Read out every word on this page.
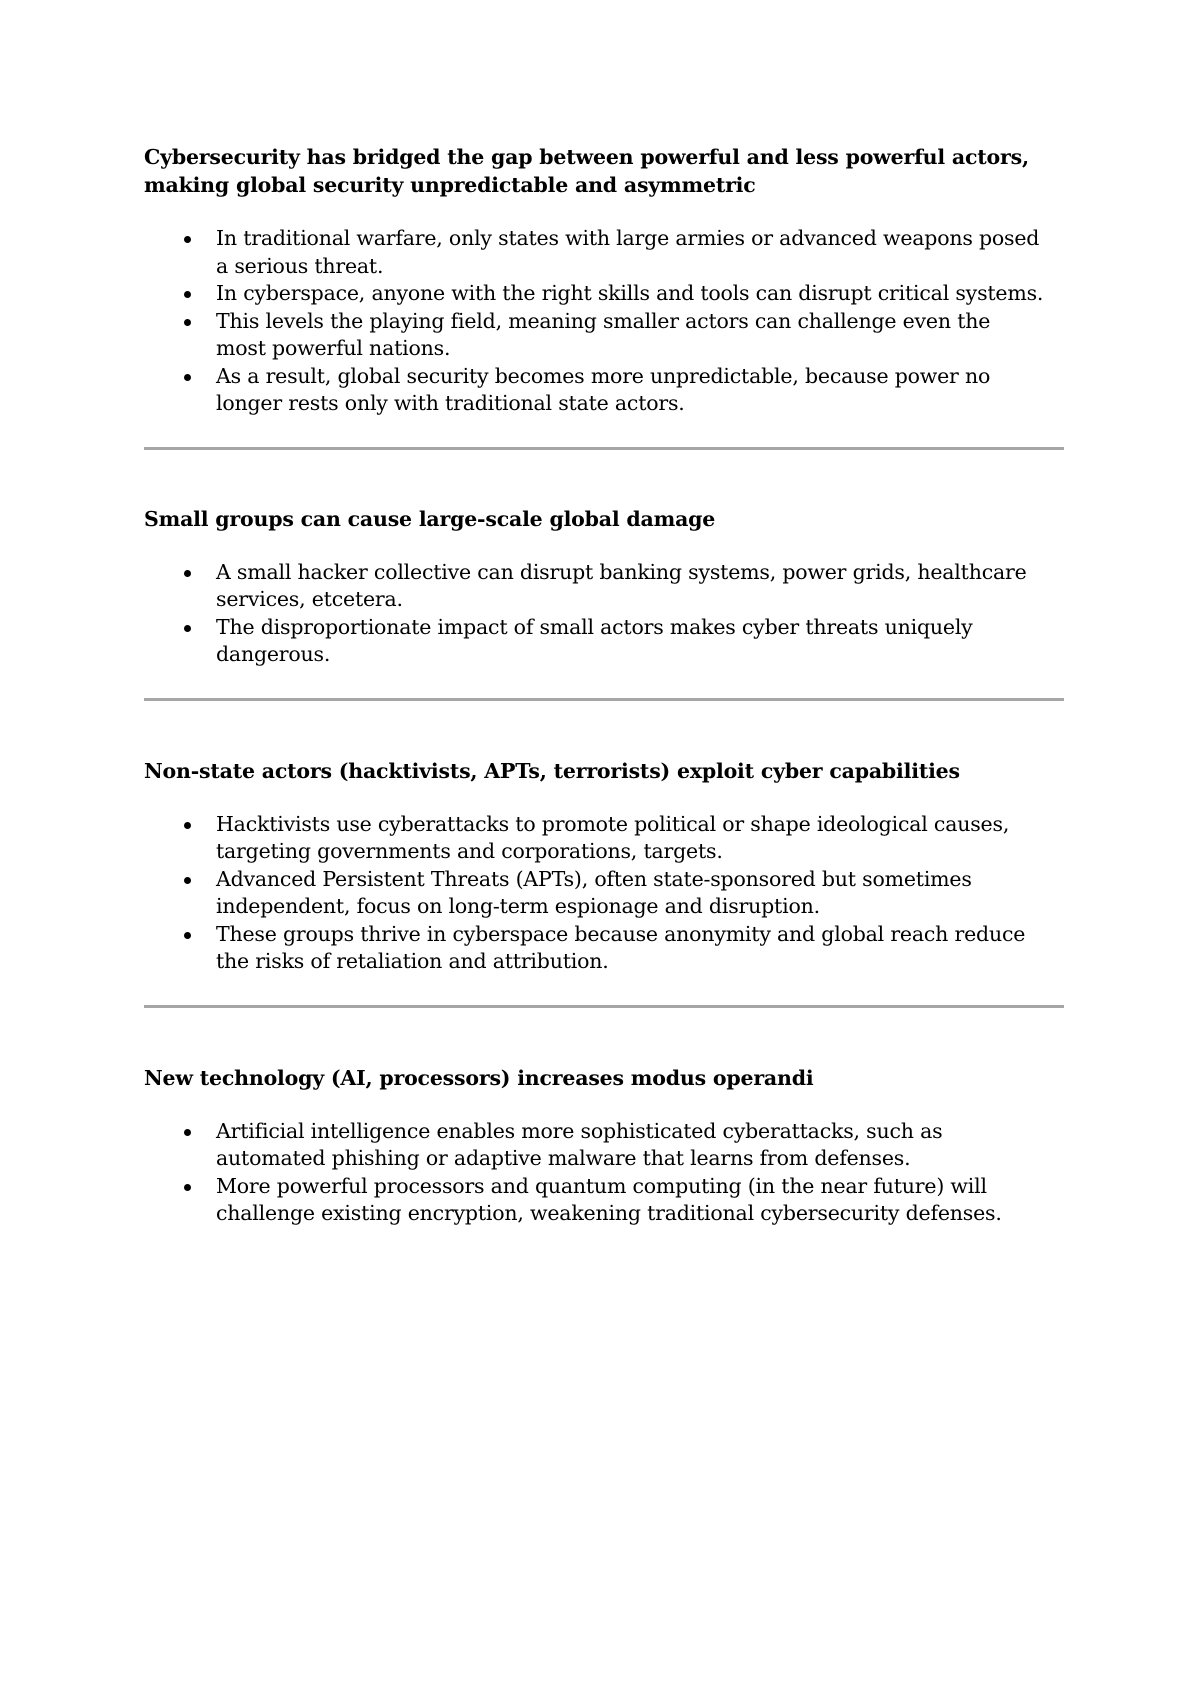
Cybersecurity has bridged the gap between powerful and less powerful actors, making global security unpredictable and asymmetric

In traditional warfare, only states with large armies or advanced weapons posed a serious threat.
In cyberspace, anyone with the right skills and tools can disrupt critical systems.
This levels the playing field, meaning smaller actors can challenge even the most powerful nations.
As a result, global security becomes more unpredictable, because power no longer rests only with traditional state actors.

Small groups can cause large-scale global damage

A small hacker collective can disrupt banking systems, power grids, healthcare services, etcetera.
The disproportionate impact of small actors makes cyber threats uniquely dangerous.

Non-state actors (hacktivists, APTs, terrorists) exploit cyber capabilities

Hacktivists use cyberattacks to promote political or shape ideological causes, targeting governments and corporations, targets.
Advanced Persistent Threats (APTs), often state-sponsored but sometimes independent, focus on long-term espionage and disruption.
These groups thrive in cyberspace because anonymity and global reach reduce the risks of retaliation and attribution.

New technology (AI, processors) increases modus operandi

Artificial intelligence enables more sophisticated cyberattacks, such as automated phishing or adaptive malware that learns from defenses.
More powerful processors and quantum computing (in the near future) will challenge existing encryption, weakening traditional cybersecurity defenses.
